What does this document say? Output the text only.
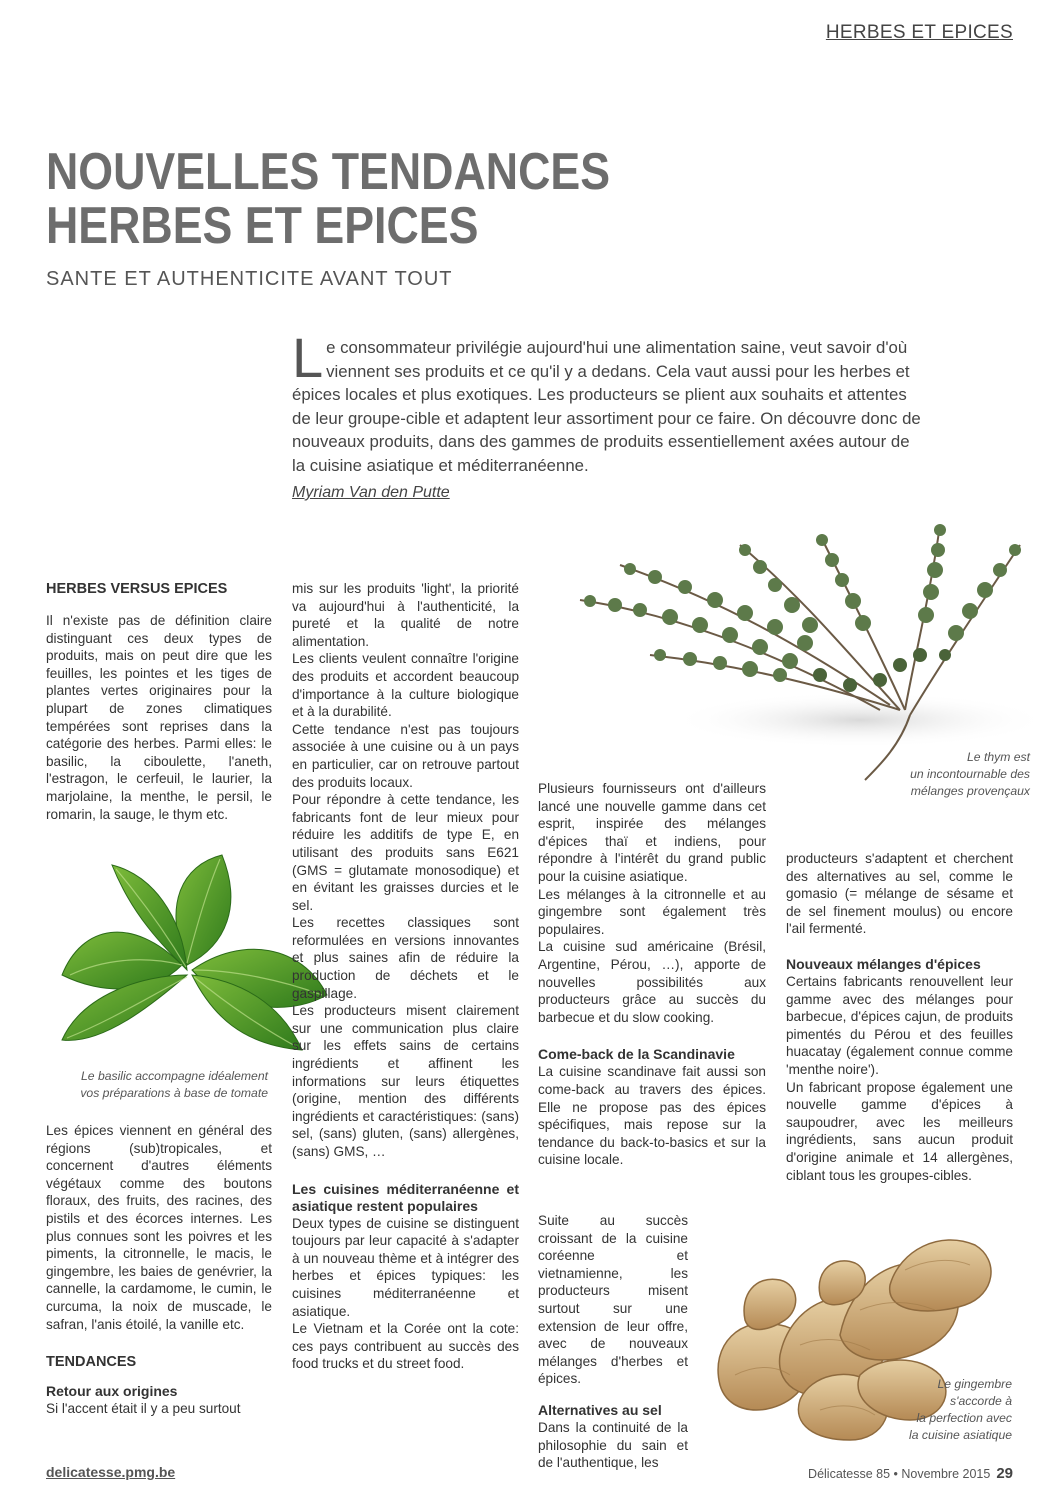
HERBES ET EPICES
NOUVELLES TENDANCES
HERBES ET EPICES
SANTE ET AUTHENTICITE AVANT TOUT
Le consommateur privilégie aujourd'hui une alimentation saine, veut savoir d'où viennent ses produits et ce qu'il y a dedans. Cela vaut aussi pour les herbes et épices locales et plus exotiques. Les producteurs se plient aux souhaits et attentes de leur groupe-cible et adaptent leur assortiment pour ce faire. On découvre donc de nouveaux produits, dans des gammes de produits essentiellement axées autour de la cuisine asiatique et méditerranéenne.
Myriam Van den Putte
Le thym est
un incontournable des
mélanges provençaux
HERBES VERSUS EPICES

Il n'existe pas de définition claire distinguant ces deux types de produits, mais on peut dire que les feuilles, les pointes et les tiges de plantes vertes originaires pour la plupart de zones climatiques tempérées sont reprises dans la catégorie des herbes. Parmi elles: le basilic, la ciboulette, l'aneth, l'estragon, le cerfeuil, le laurier, la marjolaine, la menthe, le persil, le romarin, la sauge, le thym etc.

Le basilic accompagne idéalement
vos préparations à base de tomate

Les épices viennent en général des régions (sub)tropicales, et concernent d'autres éléments végétaux comme des boutons floraux, des fruits, des racines, des pistils et des écorces internes. Les plus connues sont les poivres et les piments, la citronnelle, le macis, le gingembre, les baies de genévrier, la cannelle, la cardamome, le cumin, le curcuma, la noix de muscade, le safran, l'anis étoilé, la vanille etc.

TENDANCES
Retour aux origines

Si l'accent était il y a peu surtout

mis sur les produits 'light', la priorité va aujourd'hui à l'authenticité, la pureté et la qualité de notre alimentation.

Les clients veulent connaître l'origine des produits et accordent beaucoup d'importance à la culture biologique et à la durabilité.

Cette tendance n'est pas toujours associée à une cuisine ou à un pays en particulier, car on retrouve partout des produits locaux.

Pour répondre à cette tendance, les fabricants font de leur mieux pour réduire les additifs de type E, en utilisant des produits sans E621 (GMS = glutamate monosodique) et en évitant les graisses durcies et le sel.

Les recettes classiques sont reformulées en versions innovantes et plus saines afin de réduire la production de déchets et le gaspillage.

Les producteurs misent clairement sur une communication plus claire sur les effets sains de certains ingrédients et affinent les informations sur leurs étiquettes (origine, mention des différents ingrédients et caractéristiques: (sans) sel, (sans) gluten, (sans) allergènes, (sans) GMS, …

Les cuisines méditerranéenne et asiatique restent populaires

Deux types de cuisine se distinguent toujours par leur capacité à s'adapter à un nouveau thème et à intégrer des herbes et épices typiques: les cuisines méditerranéenne et asiatique.

Le Vietnam et la Corée ont la cote: ces pays contribuent au succès des food trucks et du street food.

Plusieurs fournisseurs ont d'ailleurs lancé une nouvelle gamme dans cet esprit, inspirée des mélanges d'épices thaï et indiens, pour répondre à l'intérêt du grand public pour la cuisine asiatique.

Les mélanges à la citronnelle et au gingembre sont également très populaires.

La cuisine sud américaine (Brésil, Argentine, Pérou, …), apporte de nouvelles possibilités aux producteurs grâce au succès du barbecue et du slow cooking.

Come-back de la Scandinavie

La cuisine scandinave fait aussi son come-back au travers des épices. Elle ne propose pas des épices spécifiques, mais repose sur la tendance du back-to-basics et sur la cuisine locale.

Suite au succès croissant de la cuisine coréenne et vietnamienne, les producteurs misent surtout sur une extension de leur offre, avec de nouveaux mélanges d'herbes et épices.

Alternatives au sel

Dans la continuité de la philosophie du sain et de l'authentique, les

producteurs s'adaptent et cherchent des alternatives au sel, comme le gomasio (= mélange de sésame et de sel finement moulus) ou encore l'ail fermenté.

Nouveaux mélanges d'épices

Certains fabricants renouvellent leur gamme avec des mélanges pour barbecue, d'épices cajun, de produits pimentés du Pérou et des feuilles huacatay (également connue comme 'menthe noire').

Un fabricant propose également une nouvelle gamme d'épices à saupoudrer, avec les meilleurs ingrédients, sans aucun produit d'origine animale et 14 allergènes, ciblant tous les groupes-cibles.

Le gingembre
s'accorde à
la perfection avec
la cuisine asiatique
delicatesse.pmg.be	Délicatesse 85 • Novembre 2015 29
